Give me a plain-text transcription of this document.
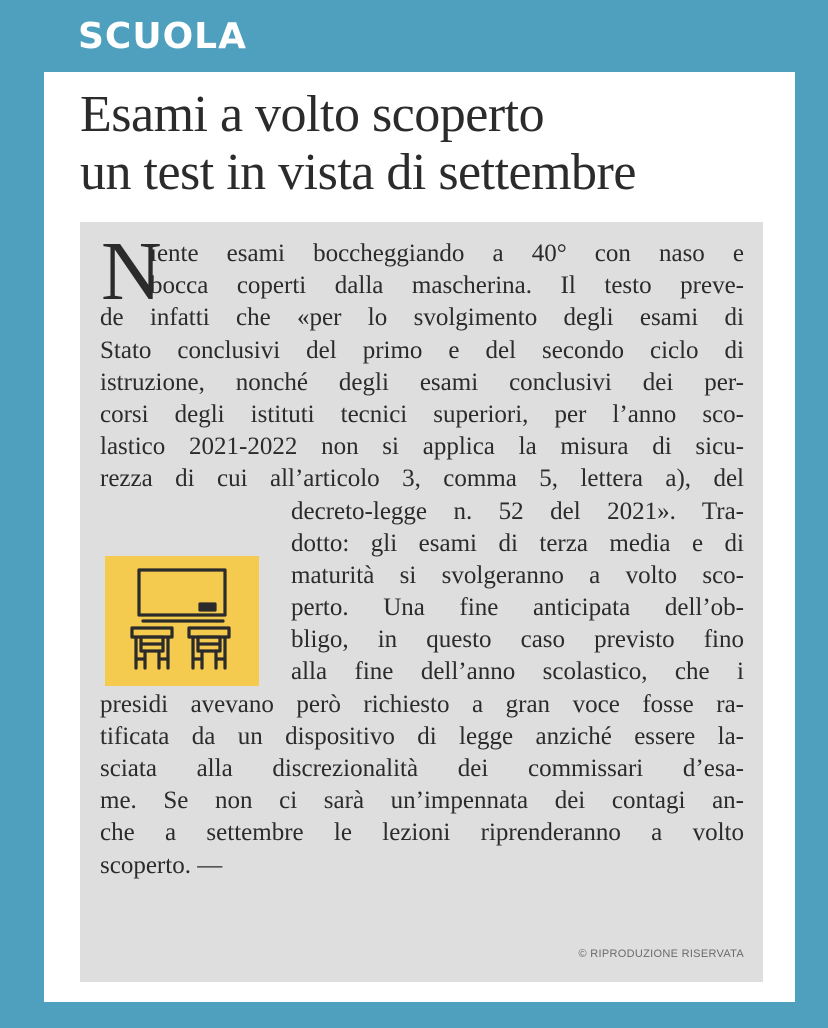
SCUOLA
Esami a volto scoperto
un test in vista di settembre
N
iente esami boccheggiando a 40° con naso e
bocca coperti dalla mascherina. Il testo preve-
de infatti che «per lo svolgimento degli esami di
Stato conclusivi del primo e del secondo ciclo di
istruzione, nonché degli esami conclusivi dei per-
corsi degli istituti tecnici superiori, per l’anno sco-
lastico 2021-2022 non si applica la misura di sicu-
rezza di cui all’articolo 3, comma 5, lettera a), del
decreto-legge n. 52 del 2021». Tra-
dotto: gli esami di terza media e di
maturità si svolgeranno a volto sco-
perto. Una fine anticipata dell’ob-
bligo, in questo caso previsto fino
alla fine dell’anno scolastico, che i
presidi avevano però richiesto a gran voce fosse ra-
tificata da un dispositivo di legge anziché essere la-
sciata alla discrezionalità dei commissari d’esa-
me. Se non ci sarà un’impennata dei contagi an-
che a settembre le lezioni riprenderanno a volto
scoperto. —
© RIPRODUZIONE RISERVATA
